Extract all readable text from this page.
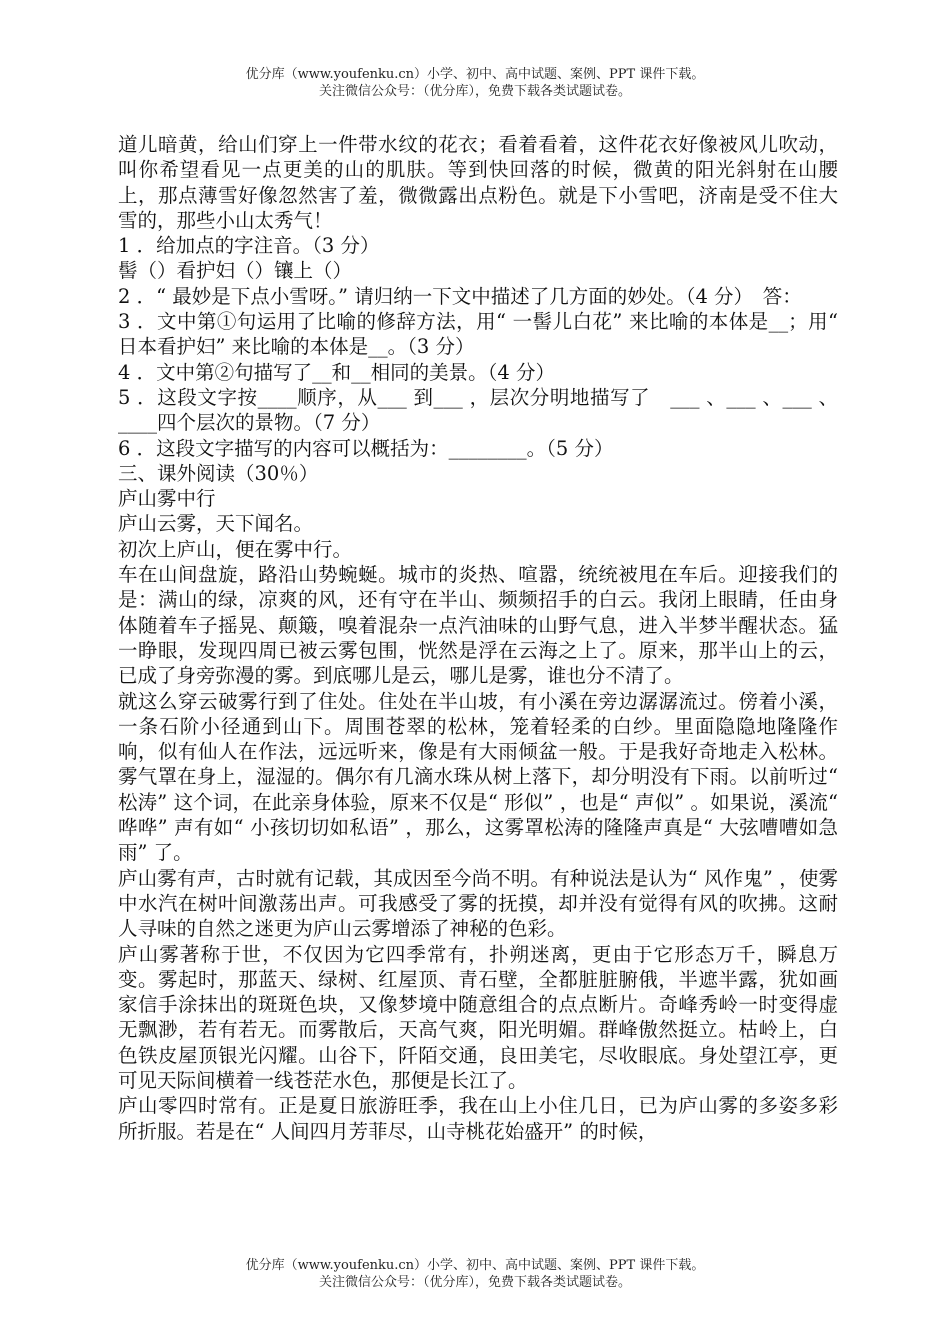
优分库（www.youfenku.cn）小学、初中、高中试题、案例、PPT 课件下载。
关注微信公众号：（优分库），免费下载各类试题试卷。

道儿暗黄，给山们穿上一件带水纹的花衣；看着看着，这件花衣好像被风儿吹动，叫你希望看见一点更美的山的肌肤。等到快回落的时候，微黄的阳光斜射在山腰上，那点薄雪好像忽然害了羞，微微露出点粉色。就是下小雪吧，济南是受不住大雪的，那些小山太秀气！

1 ．给加点的字注音。（3 分）

髻（）看护妇（）镶上（）

2 ．“ 最妙是下点小雪呀。” 请归纳一下文中描述了几方面的妙处。（4 分）　答：

3 ．文中第①句运用了比喻的修辞方法，用“ 一髻儿白花” 来比喻的本体是__；用“ 日本看护妇” 来比喻的本体是__。（3 分）

4 ．文中第②句描写了__和__相同的美景。（4 分）

5 ．这段文字按____顺序，从___ 到___ ，层次分明地描写了　___ 、___ 、___ 、____四个层次的景物。（7 分）

6 ．这段文字描写的内容可以概括为：________。（5 分）

三、课外阅读（30％）

庐山雾中行

庐山云雾，天下闻名。

初次上庐山，便在雾中行。

车在山间盘旋，路沿山势蜿蜒。城市的炎热、喧嚣，统统被甩在车后。迎接我们的是：满山的绿，凉爽的风，还有守在半山、频频招手的白云。我闭上眼睛，任由身体随着车子摇晃、颠簸，嗅着混杂一点汽油味的山野气息，进入半梦半醒状态。猛一睁眼，发现四周已被云雾包围，恍然是浮在云海之上了。原来，那半山上的云，已成了身旁弥漫的雾。到底哪儿是云，哪儿是雾，谁也分不清了。

就这么穿云破雾行到了住处。住处在半山坡，有小溪在旁边潺潺流过。傍着小溪，一条石阶小径通到山下。周围苍翠的松林，笼着轻柔的白纱。里面隐隐地隆隆作响，似有仙人在作法，远远听来，像是有大雨倾盆一般。于是我好奇地走入松林。雾气罩在身上，湿湿的。偶尔有几滴水珠从树上落下，却分明没有下雨。以前听过“ 松涛” 这个词，在此亲身体验，原来不仅是“ 形似” ，也是“ 声似” 。如果说，溪流“ 哗哗” 声有如“ 小孩切切如私语” ，那么，这雾罩松涛的隆隆声真是“ 大弦嘈嘈如急雨” 了。

庐山雾有声，古时就有记载，其成因至今尚不明。有种说法是认为“ 风作鬼” ，使雾中水汽在树叶间激荡出声。可我感受了雾的抚摸，却并没有觉得有风的吹拂。这耐人寻味的自然之迷更为庐山云雾增添了神秘的色彩。

庐山雾著称于世，不仅因为它四季常有，扑朔迷离，更由于它形态万千，瞬息万变。雾起时，那蓝天、绿树、红屋顶、青石壁，全都脏脏腑俄，半遮半露，犹如画家信手涂抹出的斑斑色块，又像梦境中随意组合的点点断片。奇峰秀岭一时变得虚无飘渺，若有若无。而雾散后，天高气爽，阳光明媚。群峰傲然挺立。枯岭上，白色铁皮屋顶银光闪耀。山谷下，阡陌交通，良田美宅，尽收眼底。身处望江亭，更可见天际间横着一线苍茫水色，那便是长江了。

庐山零四时常有。正是夏日旅游旺季，我在山上小住几日，已为庐山雾的多姿多彩所折服。若是在“ 人间四月芳菲尽，山寺桃花始盛开” 的时候，

优分库（www.youfenku.cn）小学、初中、高中试题、案例、PPT 课件下载。
关注微信公众号：（优分库），免费下载各类试题试卷。
